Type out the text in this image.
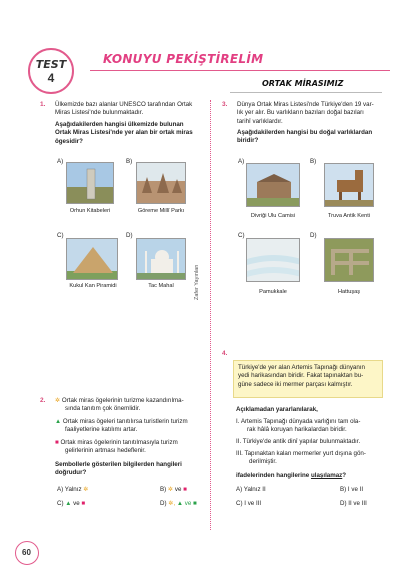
TEST
4
KONUYU PEKİŞTİRELİM
ORTAK MİRASIMIZ
Zafer Yayınları
1. Ülkemizde bazı alanlar UNESCO tarafından Ortak
Miras Listesi'nde bulunmaktadır.
Aşağıdakilerden hangisi ülkemizde bulunan
Ortak Miras Listesi'nde yer alan bir ortak miras
ögesidir?
A)
Orhun Kitabeleri
B)
Göreme Millî Parkı
C)
Kukul Kan Piramidi
D)
Tac Mahal
2. ✲ Ortak miras ögelerinin turizme kazandırılma-
sında tanıtım çok önemlidir.
▲ Ortak miras ögeleri tanıtılırsa turistlerin turizm
faaliyetlerine katılımı artar.
■ Ortak miras ögelerinin tanıtılmasıyla turizm
gelirlerinin artması hedeflenir.
Sembollerle gösterilen bilgilerden hangileri
doğrudur?
A) Yalnız ✲	B) ✲ ve ■
C) ▲ ve ■	D) ✲, ▲ ve ■
3. Dünya Ortak Miras Listesi'nde Türkiye'den 19 var-
lık yer alır. Bu varlıkların bazıları doğal bazıları
tarihî varlıklardır.
Aşağıdakilerden hangisi bu doğal varlıklardan
biridir?
A)
Divriği Ulu Camisi
B)
Truva Antik Kenti
C)
Pamukkale
D)
Hattuşaş
4.
Türkiye'de yer alan Artemis Tapınağı dünyanın
yedi harikasından biridir. Fakat tapınaktan bu-
güne sadece iki mermer parçası kalmıştır.
Açıklamadan yararlanılarak,
I. Artemis Tapınağı dünyada varlığını tam ola-
rak hâlâ koruyan harikalardan biridir.
II. Türkiye'de antik dinî yapılar bulunmaktadır.
III. Tapınaktan kalan mermerler yurt dışına gön-
derilmiştir.
ifadelerinden hangilerine ulaşılamaz?
A) Yalnız II	B) I ve II
C) I ve III	D) II ve III
60
